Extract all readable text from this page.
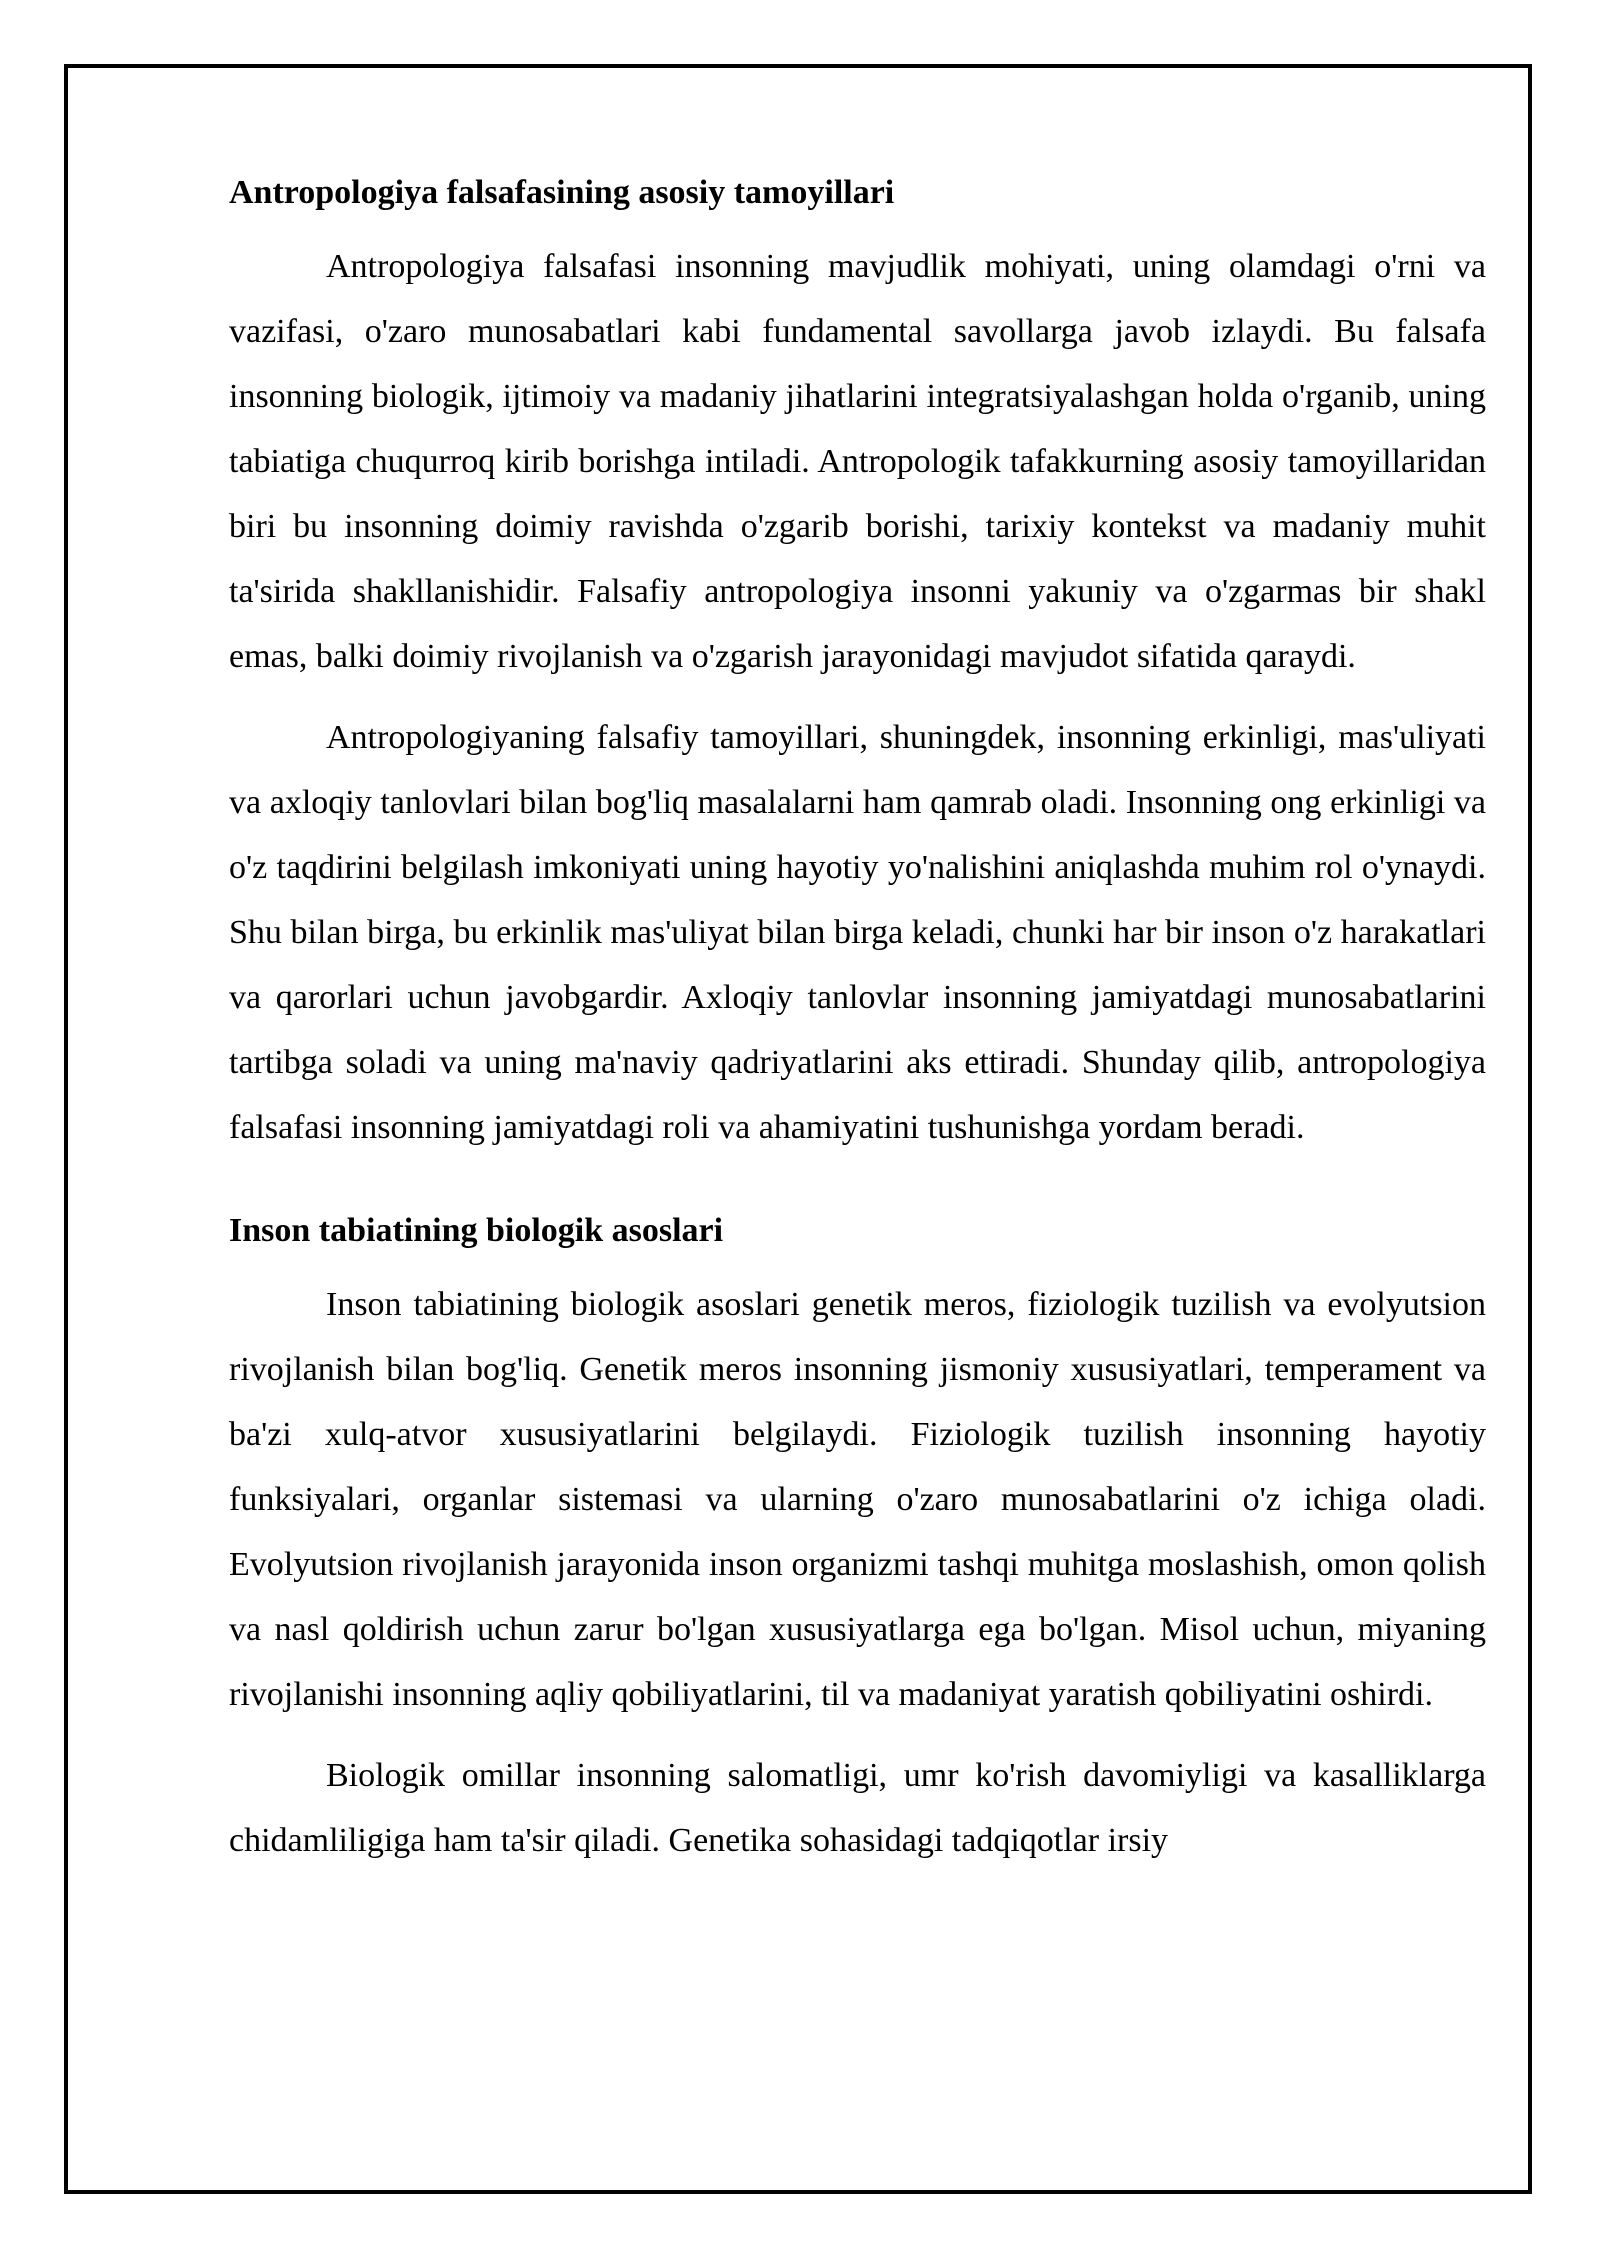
Antropologiya falsafasining asosiy tamoyillari

Antropologiya falsafasi insonning mavjudlik mohiyati, uning olamdagi o'rni va vazifasi, o'zaro munosabatlari kabi fundamental savollarga javob izlaydi. Bu falsafa insonning biologik, ijtimoiy va madaniy jihatlarini integratsiyalashgan holda o'rganib, uning tabiatiga chuqurroq kirib borishga intiladi. Antropologik tafakkurning asosiy tamoyillaridan biri bu insonning doimiy ravishda o'zgarib borishi, tarixiy kontekst va madaniy muhit ta'sirida shakllanishidir. Falsafiy antropologiya insonni yakuniy va o'zgarmas bir shakl emas, balki doimiy rivojlanish va o'zgarish jarayonidagi mavjudot sifatida qaraydi.

Antropologiyaning falsafiy tamoyillari, shuningdek, insonning erkinligi, mas'uliyati va axloqiy tanlovlari bilan bog'liq masalalarni ham qamrab oladi. Insonning ong erkinligi va o'z taqdirini belgilash imkoniyati uning hayotiy yo'nalishini aniqlashda muhim rol o'ynaydi. Shu bilan birga, bu erkinlik mas'uliyat bilan birga keladi, chunki har bir inson o'z harakatlari va qarorlari uchun javobgardir. Axloqiy tanlovlar insonning jamiyatdagi munosabatlarini tartibga soladi va uning ma'naviy qadriyatlarini aks ettiradi. Shunday qilib, antropologiya falsafasi insonning jamiyatdagi roli va ahamiyatini tushunishga yordam beradi.

Inson tabiatining biologik asoslari

Inson tabiatining biologik asoslari genetik meros, fiziologik tuzilish va evolyutsion rivojlanish bilan bog'liq. Genetik meros insonning jismoniy xususiyatlari, temperament va ba'zi xulq-atvor xususiyatlarini belgilaydi. Fiziologik tuzilish insonning hayotiy funksiyalari, organlar sistemasi va ularning o'zaro munosabatlarini o'z ichiga oladi. Evolyutsion rivojlanish jarayonida inson organizmi tashqi muhitga moslashish, omon qolish va nasl qoldirish uchun zarur bo'lgan xususiyatlarga ega bo'lgan. Misol uchun, miyaning rivojlanishi insonning aqliy qobiliyatlarini, til va madaniyat yaratish qobiliyatini oshirdi.

Biologik omillar insonning salomatligi, umr ko'rish davomiyligi va kasalliklarga chidamliligiga ham ta'sir qiladi. Genetika sohasidagi tadqiqotlar irsiy
